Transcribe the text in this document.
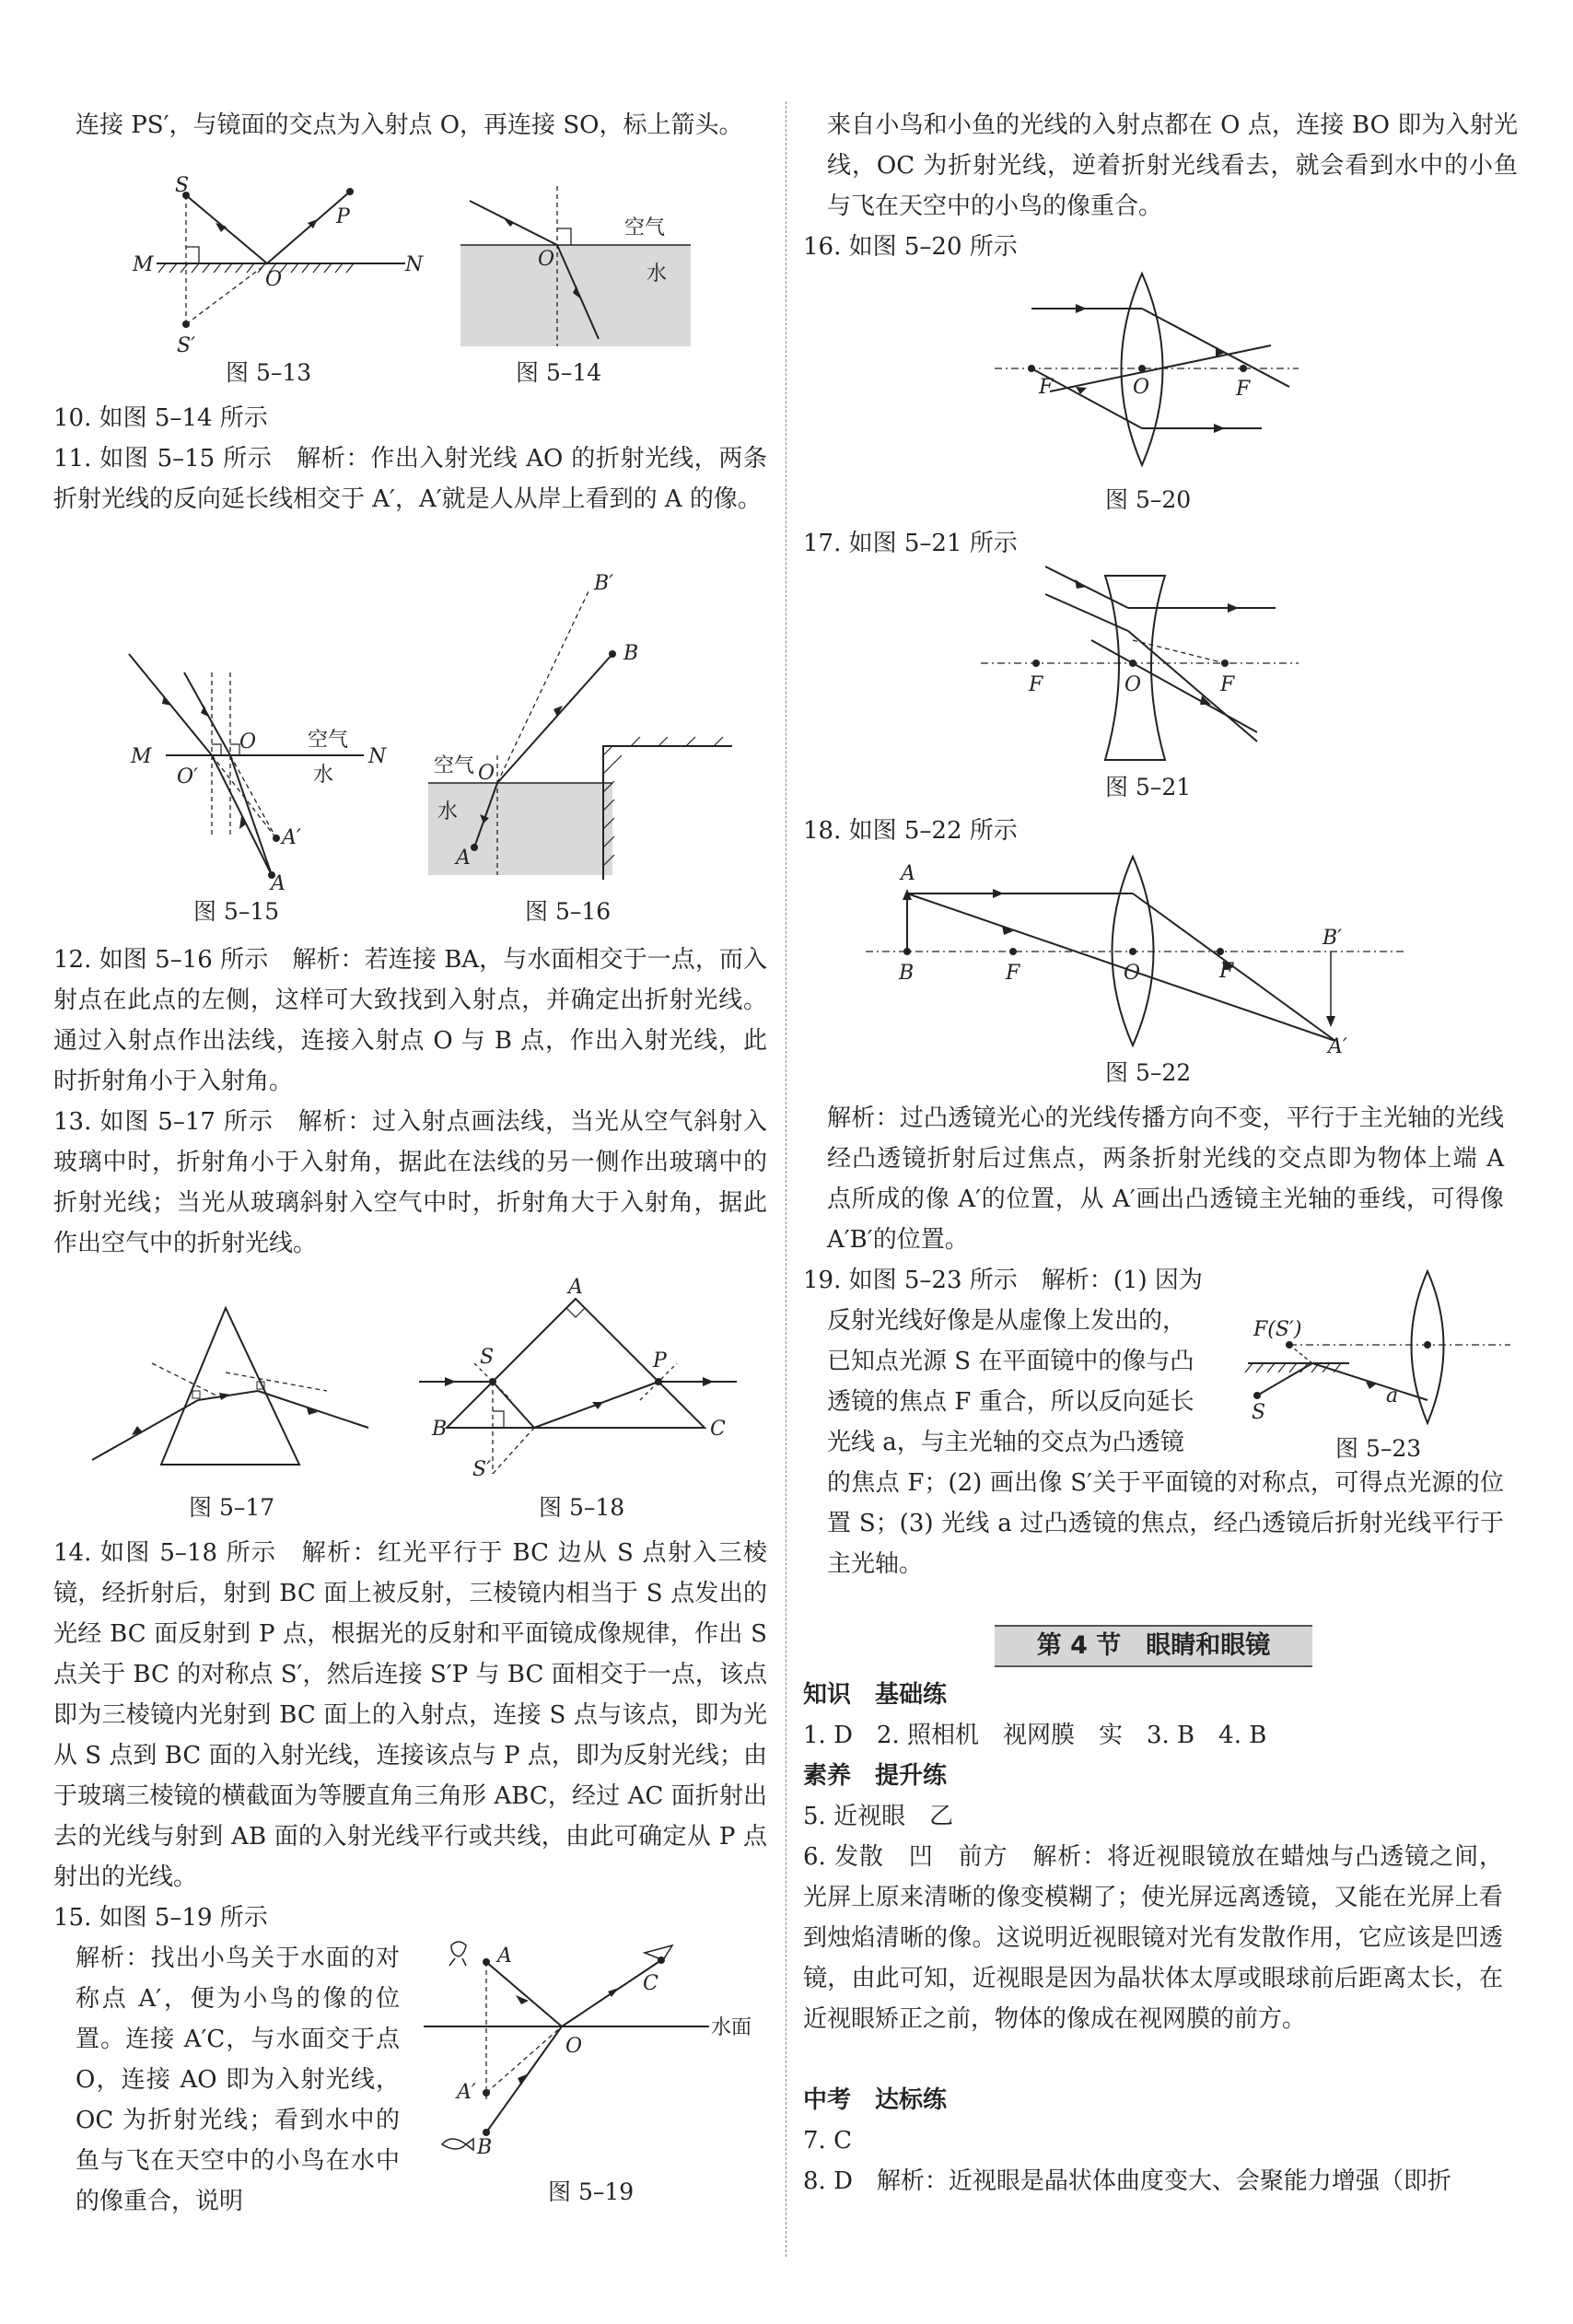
连接 PS′，与镜面的交点为入射点 O，再连接 SO，标上箭头。
S
P
M	N
O
S′
空气
水
O
图 5–13	图 5–14
10. 如图 5–14 所示
11. 如图 5–15 所示　解析：作出入射光线 AO 的折射光线，两条折射光线的反向延长线相交于 A′，A′就是人从岸上看到的 A 的像。
空气
水
M	N
O
O′
A′
A
B′
B
空气
水
O
A
图 5–15	图 5–16
12. 如图 5–16 所示　解析：若连接 BA，与水面相交于一点，而入射点在此点的左侧，这样可大致找到入射点，并确定出折射光线。通过入射点作出法线，连接入射点 O 与 B 点，作出入射光线，此时折射角小于入射角。
13. 如图 5–17 所示　解析：过入射点画法线，当光从空气斜射入玻璃中时，折射角小于入射角，据此在法线的另一侧作出玻璃中的折射光线；当光从玻璃斜射入空气中时，折射角大于入射角，据此作出空气中的折射光线。
A
S	P
B	C
S′
图 5–17	图 5–18
14. 如图 5–18 所示　解析：红光平行于 BC 边从 S 点射入三棱镜，经折射后，射到 BC 面上被反射，三棱镜内相当于 S 点发出的光经 BC 面反射到 P 点，根据光的反射和平面镜成像规律，作出 S 点关于 BC 的对称点 S′，然后连接 S′P 与 BC 面相交于一点，该点即为三棱镜内光射到 BC 面上的入射点，连接 S 点与该点，即为光从 S 点到 BC 面的入射光线，连接该点与 P 点，即为反射光线；由于玻璃三棱镜的横截面为等腰直角三角形 ABC，经过 AC 面折射出去的光线与射到 AB 面的入射光线平行或共线，由此可确定从 P 点射出的光线。
15. 如图 5–19 所示
解析：找出小鸟关于水面的对称点 A′，便为小鸟的像的位置。连接 A′C，与水面交于点 O，连接 AO 即为入射光线，OC 为折射光线；看到水中的鱼与飞在天空中的小鸟在水中的像重合，说明
A
C
O
A′
B
水面
图 5–19
来自小鸟和小鱼的光线的入射点都在 O 点，连接 BO 即为入射光线，OC 为折射光线，逆着折射光线看去，就会看到水中的小鱼与飞在天空中的小鸟的像重合。
16. 如图 5–20 所示
F	O	F
图 5–20
17. 如图 5–21 所示
F	O	F
图 5–21
18. 如图 5–22 所示
A
B	F	O	F
B′
A′
图 5–22
解析：过凸透镜光心的光线传播方向不变，平行于主光轴的光线经凸透镜折射后过焦点，两条折射光线的交点即为物体上端 A 点所成的像 A′的位置，从 A′画出凸透镜主光轴的垂线，可得像 A′B′的位置。
19. 如图 5–23 所示　解析：(1) 因为
反射光线好像是从虚像上发出的，
已知点光源 S 在平面镜中的像与凸
透镜的焦点 F 重合，所以反向延长
光线 a，与主光轴的交点为凸透镜
F(S′)
S
a
图 5–23
的焦点 F；(2) 画出像 S′关于平面镜的对称点，可得点光源的位置 S；(3) 光线 a 过凸透镜的焦点，经凸透镜后折射光线平行于主光轴。
第 4 节　眼睛和眼镜
知识　基础练
1. D　2. 照相机　视网膜　实　3. B　4. B
素养　提升练
5. 近视眼　乙
6. 发散　凹　前方　解析：将近视眼镜放在蜡烛与凸透镜之间，光屏上原来清晰的像变模糊了；使光屏远离透镜，又能在光屏上看到烛焰清晰的像。这说明近视眼镜对光有发散作用，它应该是凹透镜，由此可知，近视眼是因为晶状体太厚或眼球前后距离太长，在近视眼矫正之前，物体的像成在视网膜的前方。
中考　达标练
7. C
8. D　解析：近视眼是晶状体曲度变大、会聚能力增强（即折
